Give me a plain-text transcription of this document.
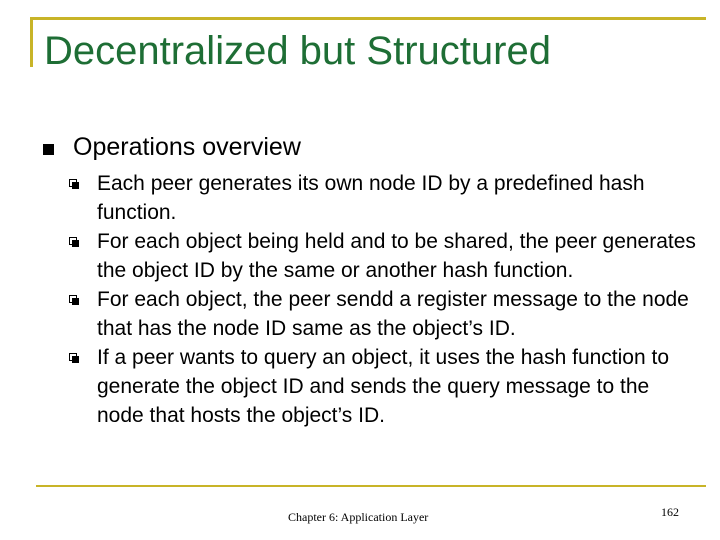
Decentralized but Structured
Operations overview
Each peer generates its own node ID by a predefined hash function.
For each object being held and to be shared, the peer generates the object ID by the same or another hash function.
For each object, the peer sendd a register message to the node that has the node ID same as the object’s ID.
If a peer wants to query an object, it uses the hash function to generate the object ID and sends the query message to the node that hosts the object’s ID.
Chapter 6: Application Layer	162
